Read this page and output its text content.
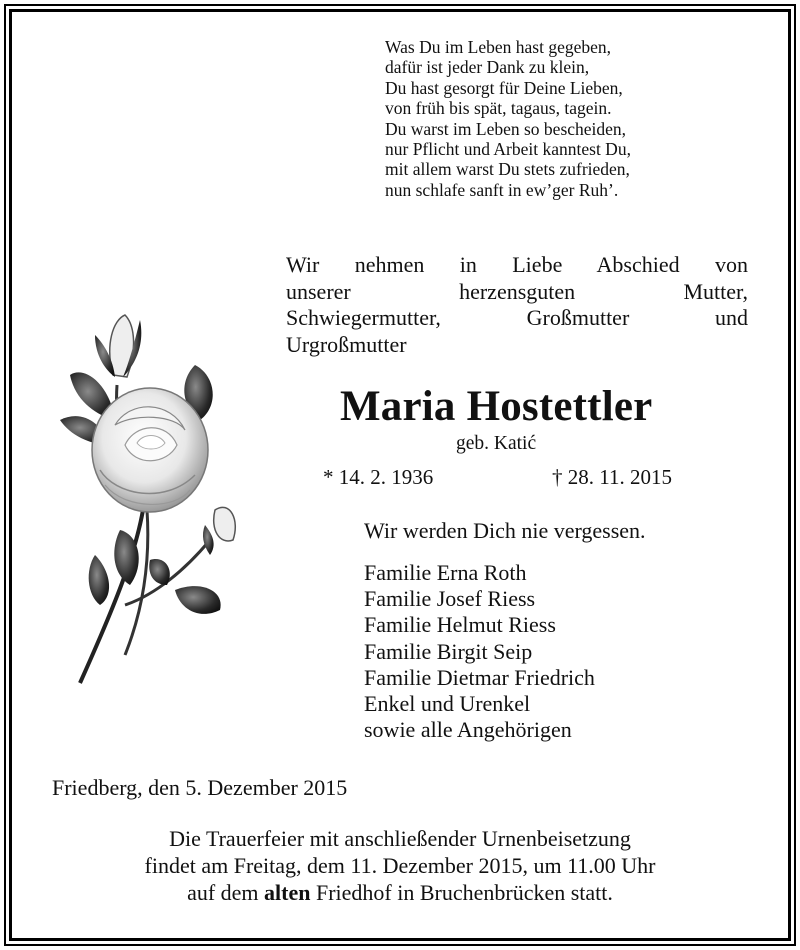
Was Du im Leben hast gegeben,
dafür ist jeder Dank zu klein,
Du hast gesorgt für Deine Lieben,
von früh bis spät, tagaus, tagein.
Du warst im Leben so bescheiden,
nur Pflicht und Arbeit kanntest Du,
mit allem warst Du stets zufrieden,
nun schlafe sanft in ew’ger Ruh’.
Wir nehmen in Liebe Abschied von
unserer herzensguten Mutter,
Schwiegermutter, Großmutter und
Urgroßmutter
Maria Hostettler
geb. Katić
* 14. 2. 1936	† 28. 11. 2015
Wir werden Dich nie vergessen.
Familie Erna Roth
Familie Josef Riess
Familie Helmut Riess
Familie Birgit Seip
Familie Dietmar Friedrich
Enkel und Urenkel
sowie alle Angehörigen
Friedberg, den 5. Dezember 2015
Die Trauerfeier mit anschließender Urnenbeisetzung
findet am Freitag, dem 11. Dezember 2015, um 11.00 Uhr
auf dem alten Friedhof in Bruchenbrücken statt.
